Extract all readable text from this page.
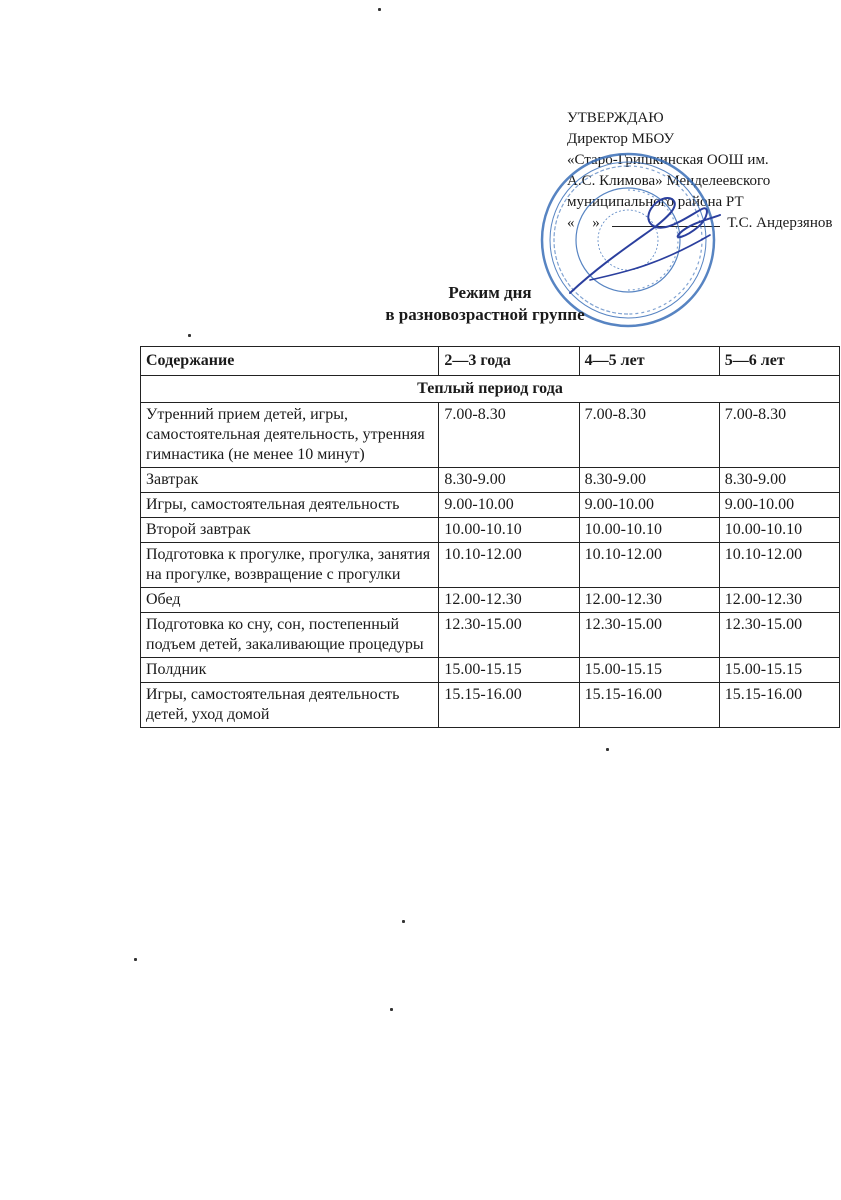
УТВЕРЖДАЮ
Директор МБОУ
«Старо-Гришкинская ООШ им.
А.С. Климова» Менделеевского
муниципального района РТ
« »	Т.С. Андерзянов
Режим дня
в разновозрастной группе
Содержание	2—3 года	4—5 лет	5—6 лет
Теплый период года			
Утренний прием детей, игры, самостоятельная деятельность, утренняя гимнастика (не менее 10 минут)	7.00-8.30	7.00-8.30	7.00-8.30
Завтрак	8.30-9.00	8.30-9.00	8.30-9.00
Игры, самостоятельная деятельность	9.00-10.00	9.00-10.00	9.00-10.00
Второй завтрак	10.00-10.10	10.00-10.10	10.00-10.10
Подготовка к прогулке, прогулка, занятия на прогулке, возвращение с прогулки	10.10-12.00	10.10-12.00	10.10-12.00
Обед	12.00-12.30	12.00-12.30	12.00-12.30
Подготовка ко сну, сон, постепенный подъем детей, закаливающие процедуры	12.30-15.00	12.30-15.00	12.30-15.00
Полдник	15.00-15.15	15.00-15.15	15.00-15.15
Игры, самостоятельная деятельность детей, уход домой	15.15-16.00	15.15-16.00	15.15-16.00
